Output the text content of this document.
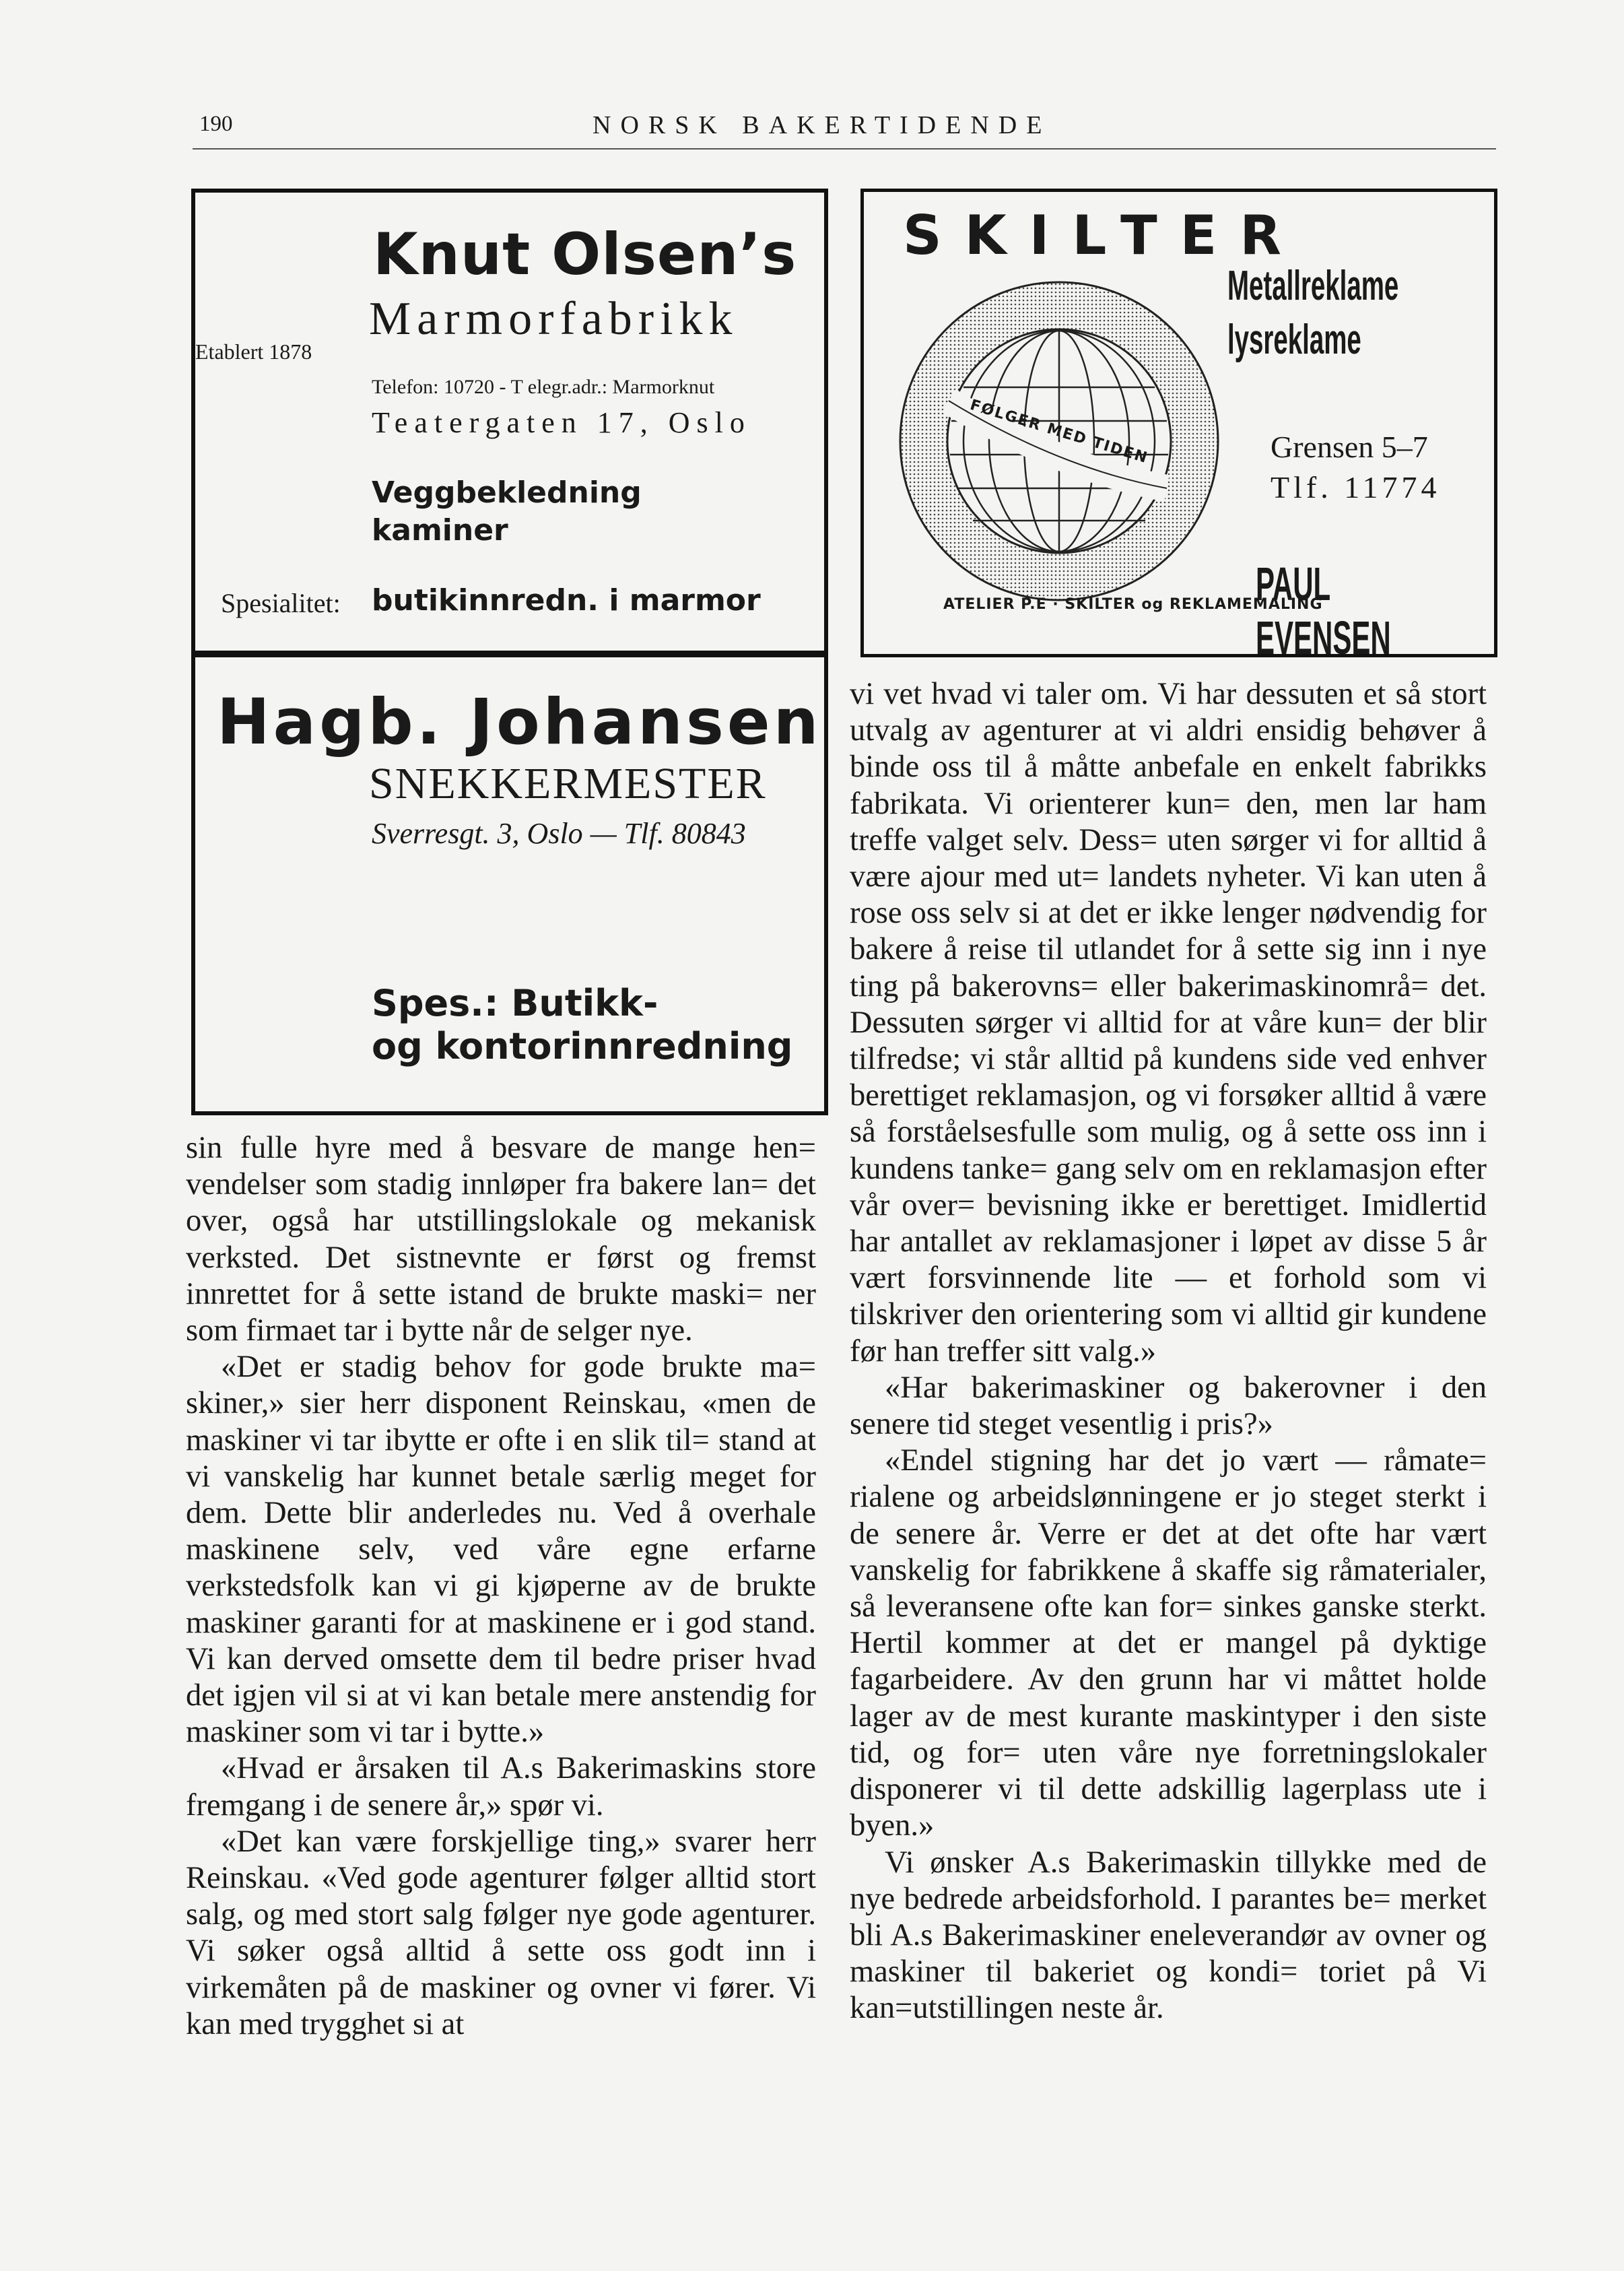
190	NORSK BAKERTIDENDE
Knut Olsen’s
Marmorfabrikk
Etablert 1878
Telefon: 10720 - T elegr.adr.: Marmorknut
Teatergaten 17, Oslo
Veggbekledning
kaminer
Spesialitet: butikinnredn. i marmor
Hagb. Johansen
SNEKKERMESTER
Sverresgt. 3, Oslo — Tlf. 80843
Spes.: Butikk-
og kontorinnredning
SKILTER
FØLGER MED TIDEN
ATELIER P.E · SKILTER og REKLAMEMALING
Metallreklame
lysreklame
Grensen 5–7
Tlf. 11774
PAUL EVENSEN

sin fulle hyre med å besvare de mange hen= vendelser som stadig innløper fra bakere lan= det over, også har utstillingslokale og mekanisk verksted. Det sistnevnte er først og fremst innrettet for å sette istand de brukte maski= ner som firmaet tar i bytte når de selger nye.

«Det er stadig behov for gode brukte ma= skiner,» sier herr disponent Reinskau, «men de maskiner vi tar ibytte er ofte i en slik til= stand at vi vanskelig har kunnet betale særlig meget for dem. Dette blir anderledes nu. Ved å overhale maskinene selv, ved våre egne erfarne verkstedsfolk kan vi gi kjøperne av de brukte maskiner garanti for at maskinene er i god stand. Vi kan derved omsette dem til bedre priser hvad det igjen vil si at vi kan betale mere anstendig for maskiner som vi tar i bytte.»

«Hvad er årsaken til A.s Bakerimaskins store fremgang i de senere år,» spør vi.

«Det kan være forskjellige ting,» svarer herr Reinskau. «Ved gode agenturer følger alltid stort salg, og med stort salg følger nye gode agenturer. Vi søker også alltid å sette oss godt inn i virkemåten på de maskiner og ovner vi fører. Vi kan med trygghet si at

vi vet hvad vi taler om. Vi har dessuten et så stort utvalg av agenturer at vi aldri ensidig behøver å binde oss til å måtte anbefale en enkelt fabrikks fabrikata. Vi orienterer kun= den, men lar ham treffe valget selv. Dess= uten sørger vi for alltid å være ajour med ut= landets nyheter. Vi kan uten å rose oss selv si at det er ikke lenger nødvendig for bakere å reise til utlandet for å sette sig inn i nye ting på bakerovns= eller bakerimaskinområ= det. Dessuten sørger vi alltid for at våre kun= der blir tilfredse; vi står alltid på kundens side ved enhver berettiget reklamasjon, og vi forsøker alltid å være så forståelsesfulle som mulig, og å sette oss inn i kundens tanke= gang selv om en reklamasjon efter vår over= bevisning ikke er berettiget. Imidlertid har antallet av reklamasjoner i løpet av disse 5 år vært forsvinnende lite — et forhold som vi tilskriver den orientering som vi alltid gir kundene før han treffer sitt valg.»

«Har bakerimaskiner og bakerovner i den senere tid steget vesentlig i pris?»

«Endel stigning har det jo vært — råmate= rialene og arbeidslønningene er jo steget sterkt i de senere år. Verre er det at det ofte har vært vanskelig for fabrikkene å skaffe sig råmaterialer, så leveransene ofte kan for= sinkes ganske sterkt. Hertil kommer at det er mangel på dyktige fagarbeidere. Av den grunn har vi måttet holde lager av de mest kurante maskintyper i den siste tid, og for= uten våre nye forretningslokaler disponerer vi til dette adskillig lagerplass ute i byen.»

Vi ønsker A.s Bakerimaskin tillykke med de nye bedrede arbeidsforhold. I parantes be= merket bli A.s Bakerimaskiner eneleverandør av ovner og maskiner til bakeriet og kondi= toriet på Vi kan=utstillingen neste år.
